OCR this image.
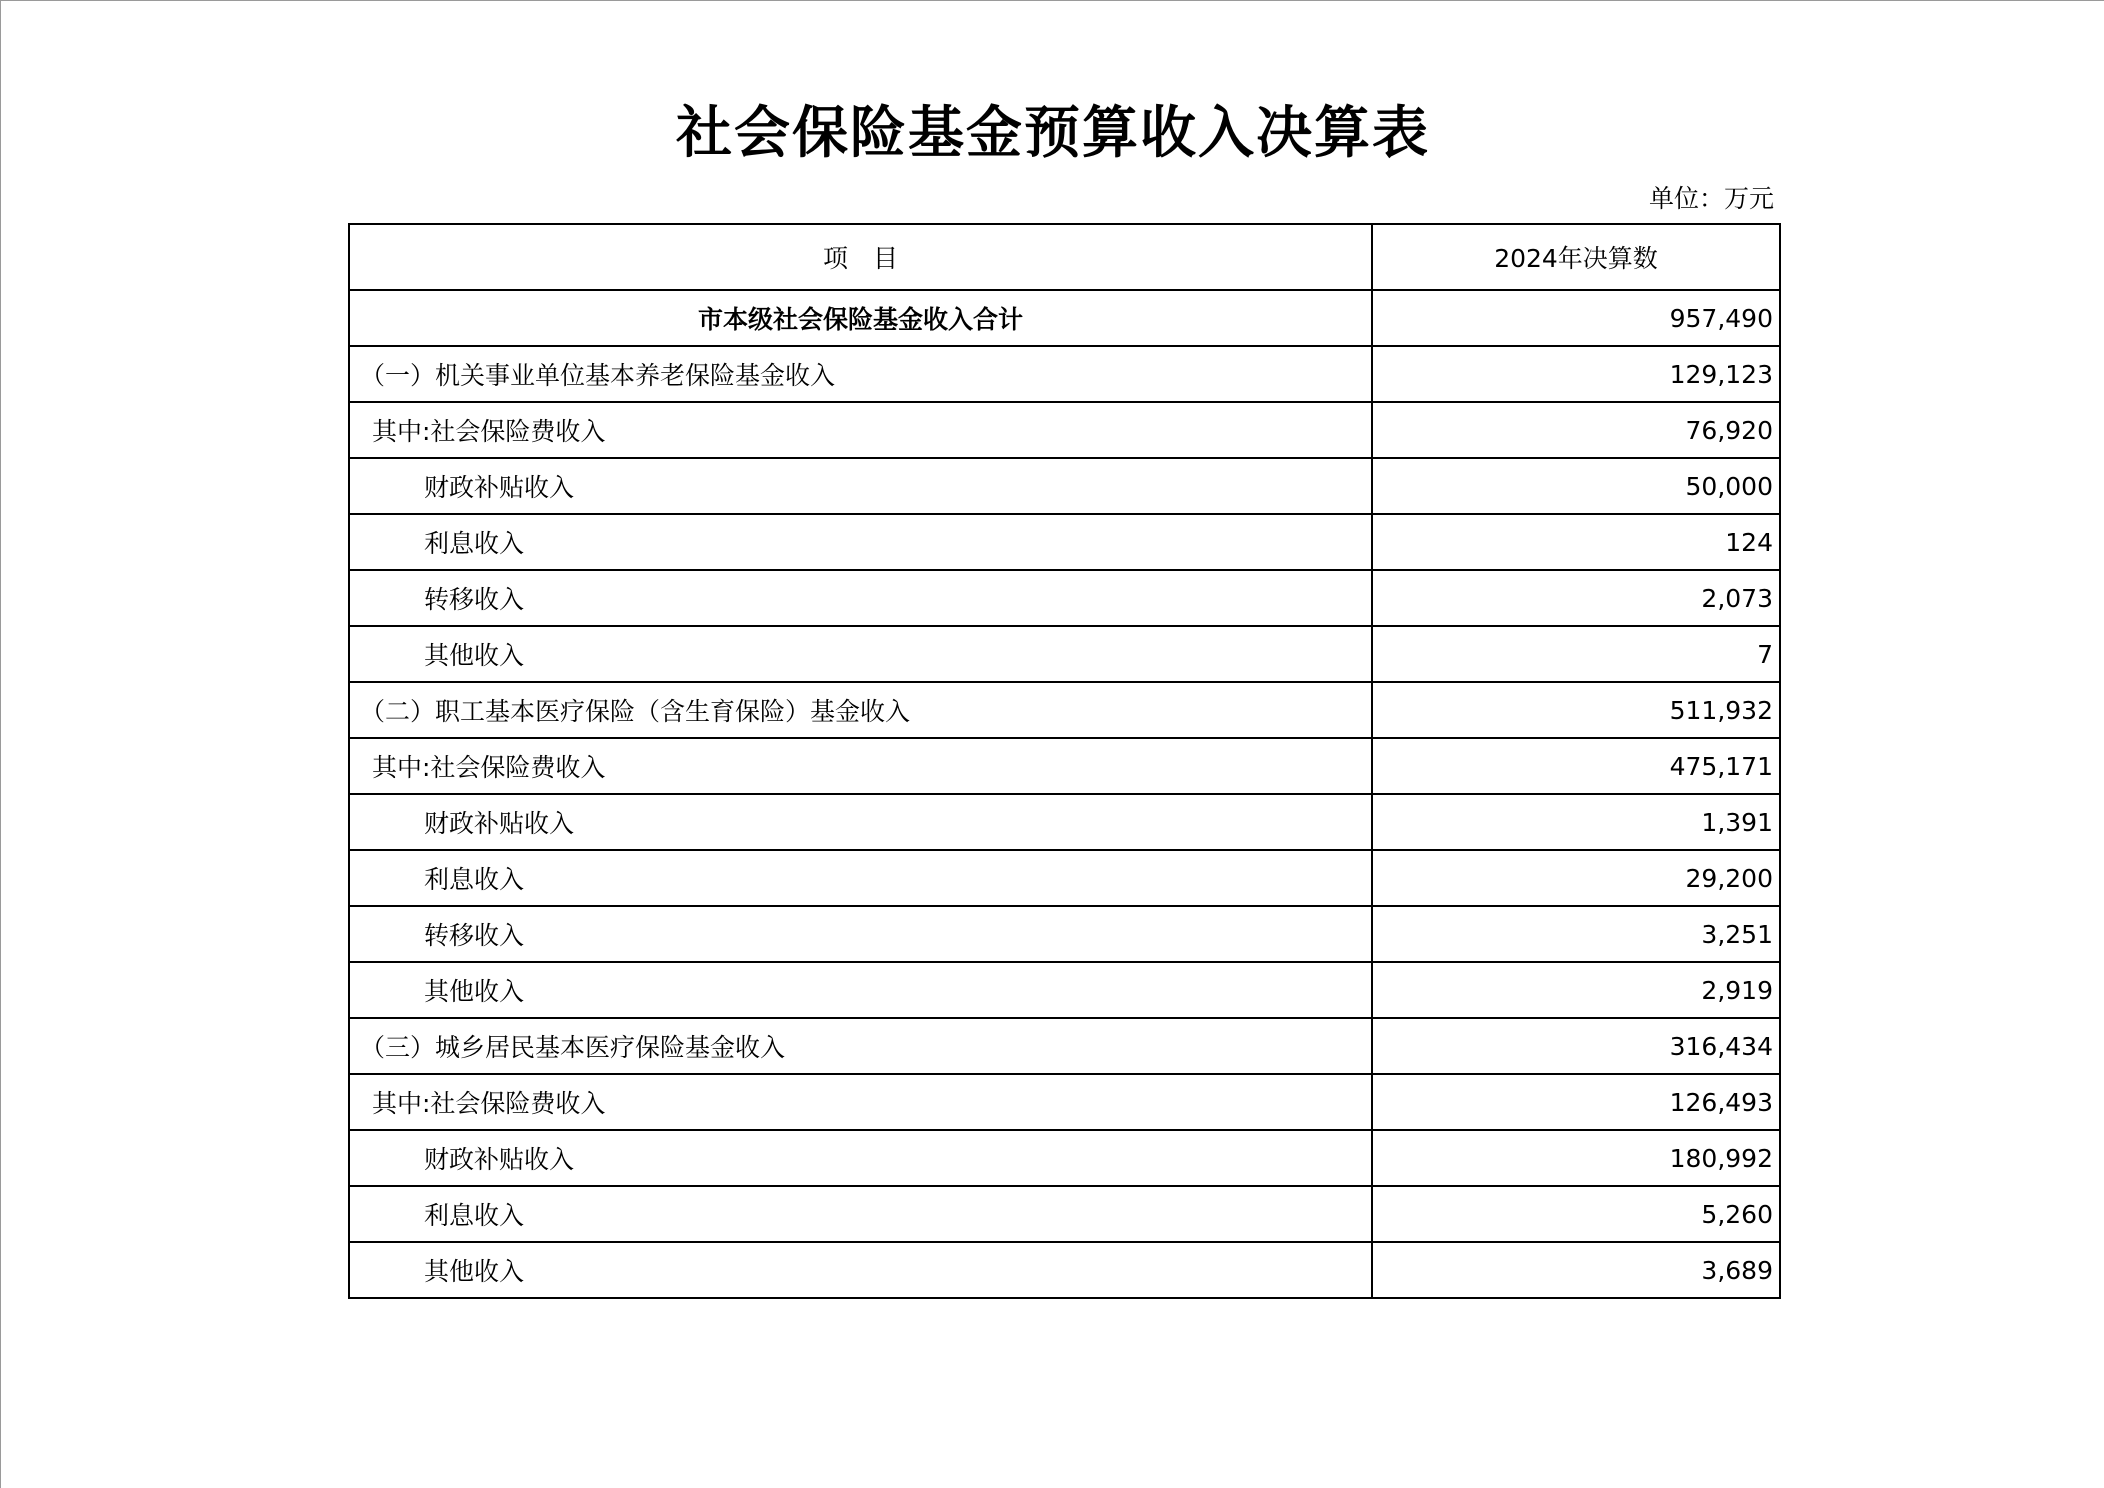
社会保险基金预算收入决算表
单位：万元
项　目	2024年决算数
市本级社会保险基金收入合计	957,490
（一）机关事业单位基本养老保险基金收入	129,123
其中:社会保险费收入	76,920
财政补贴收入	50,000
利息收入	124
转移收入	2,073
其他收入	7
（二）职工基本医疗保险（含生育保险）基金收入	511,932
其中:社会保险费收入	475,171
财政补贴收入	1,391
利息收入	29,200
转移收入	3,251
其他收入	2,919
（三）城乡居民基本医疗保险基金收入	316,434
其中:社会保险费收入	126,493
财政补贴收入	180,992
利息收入	5,260
其他收入	3,689
